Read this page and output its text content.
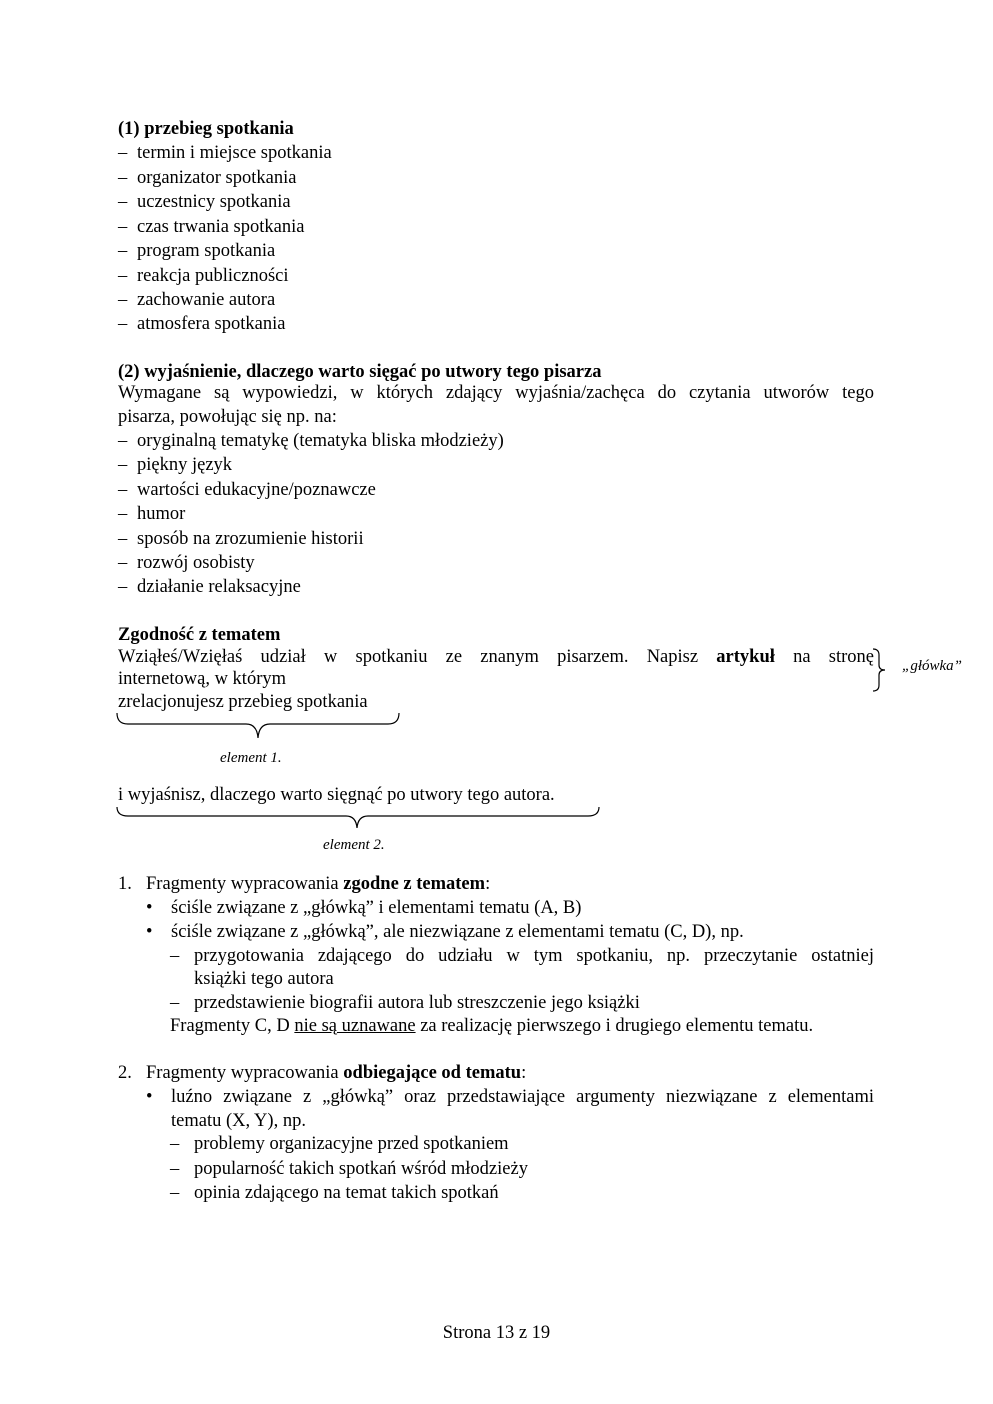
(1) przebieg spotkania
– termin i miejsce spotkania
– organizator spotkania
– uczestnicy spotkania
– czas trwania spotkania
– program spotkania
– reakcja publiczności
– zachowanie autora
– atmosfera spotkania
(2) wyjaśnienie, dlaczego warto sięgać po utwory tego pisarza
Wymagane są wypowiedzi, w których zdający wyjaśnia/zachęca do czytania utworów tego
pisarza, powołując się np. na:
– oryginalną tematykę (tematyka bliska młodzieży)
– piękny język
– wartości edukacyjne/poznawcze
– humor
– sposób na zrozumienie historii
– rozwój osobisty
– działanie relaksacyjne
Zgodność z tematem
Wziąłeś/Wzięłaś udział w spotkaniu ze znanym pisarzem. Napisz artykuł na stronę
internetową, w którym
„główka”
zrelacjonujesz przebieg spotkania
element 1.
i wyjaśnisz, dlaczego warto sięgnąć po utwory tego autora.
element 2.
1. Fragmenty wypracowania zgodne z tematem:
• ściśle związane z „główką” i elementami tematu (A, B)
• ściśle związane z „główką”, ale niezwiązane z elementami tematu (C, D), np.
– przygotowania zdającego do udziału w tym spotkaniu, np. przeczytanie ostatniej
książki tego autora
– przedstawienie biografii autora lub streszczenie jego książki
Fragmenty C, D nie są uznawane za realizację pierwszego i drugiego elementu tematu.
2. Fragmenty wypracowania odbiegające od tematu:
• luźno związane z „główką” oraz przedstawiające argumenty niezwiązane z elementami
tematu (X, Y), np.
– problemy organizacyjne przed spotkaniem
– popularność takich spotkań wśród młodzieży
– opinia zdającego na temat takich spotkań
Strona 13 z 19
